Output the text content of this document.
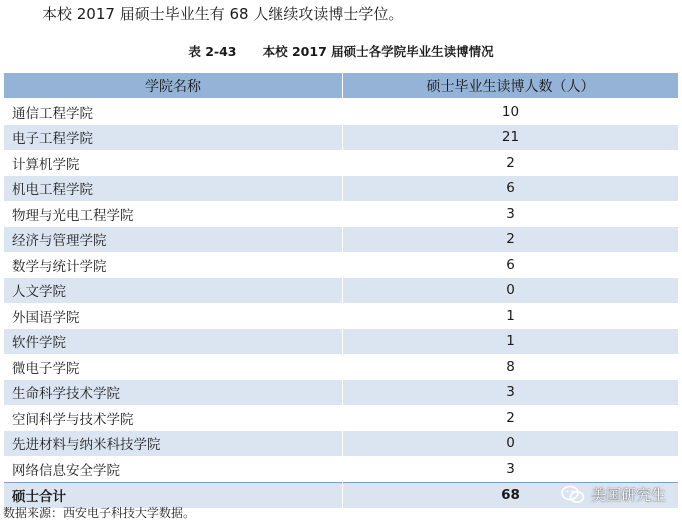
本校 2017 届硕士毕业生有 68 人继续攻读博士学位。
表 2-43 本校 2017 届硕士各学院毕业生读博情况
学院名称	硕士毕业生读博人数（人）
通信工程学院	10
电子工程学院	21
计算机学院	2
机电工程学院	6
物理与光电工程学院	3
经济与管理学院	2
数学与统计学院	6
人文学院	0
外国语学院	1
软件学院	1
微电子学院	8
生命科学技术学院	3
空间科学与技术学院	2
先进材料与纳米科技学院	0
网络信息安全学院	3
硕士合计	68
数据来源：西安电子科技大学数据。
美国研究生
